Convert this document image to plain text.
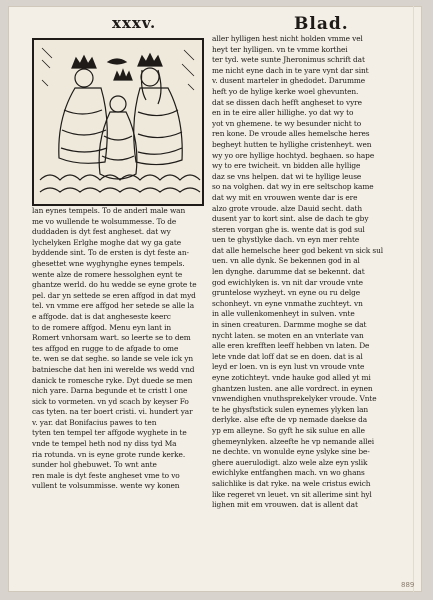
xxxv.	Blad.
lan eynes tempels. To de anderl male wan
me vo wullende te wolsummesse. To de
duddaden is dyt fest angheset. dat wy
lychelyken Erlghe moghe dat wy ga gate
byddende sint. To de ersten is dyt feste an-
ghesettet wne wyghynghe eynes tempels.
wente alze de romere hessolghen eynt te
ghantze werld. do hu wedde se eyne grote te
pel. dar yn settede se eren affgod in dat myd
tel. vn vmme ere affgod her setede se alle la
e affgode. dat is dat angheseste keerc
to de romere affgod. Menu eyn lant in
Romert vnhorsam wart. so leerte se to dem
tes affgod en rugge to de afgade to ome
te. wen se dat seghe. so lande se vele ick yn
batniesche dat hen ini werelde ws wedd vnd
danick te romesche ryke. Dyt duede se men
nich yare. Darna begunde et te cristt l one
sick to vormeten. vn yd scach by keyser Fo
cas tyten. na ter boert cristi. vi. hundert yar
v. yar. dat Bonifacius pawes to ten
tyten ten tempel ter affgode wyghete in te
vnde te tempel heth nod ny diss tyd Ma
ria rotunda. vn is eyne grote runde kerke.
sunder hol ghebuwet. To wnt ante
ren male is dyt feste angheset vme to vo
vullent te volsummisse. wente wy konen
aller hylligen hest nicht holden vmme vel
heyt ter hylligen. vn te vmme korthei
ter tyd. wete sunte Jheronimus schrift dat
me nicht eyne dach in te yare vynt dar sint
v. dusent marteler in ghedodet. Darumme
heft yo de hylige kerke woel ghevunten.
dat se dissen dach hefft angheset to vyre
en in te eire aller hillighe. yo dat wy to
yot vn ghemene. te wy besunder nicht to
ren kone. De vroude alles hemelsche heres
begheyt hutten te hyllighe cristenheyt. wen
wy yo ore hyllige hochtyd. beghaen. so hape
wy to ere twicheit. vn bidden alle hyllige
daz se vns helpen. dat wi te hyllige leuse
so na volghen. dat wy in ere seltschop kame
dat wy mit en vrouwen wente dar is ere
alzo grote vroude. alze Dauid secht. dath
dusent yar to kort sint. alse de dach te gby
steren vorgan ghe is. wente dat is god sul
uen te ghystlyke dach. vn eyn mer rehte
dat alle hemelsche heer god bekent vn sick sul
uen. vn alle dynk. Se bekennen god in al
len dynghe. darumme dat se bekennt. dat
god ewichlyken is. vn nit dar vroude vnte
gruntelose wyzheyt. vn eyne ou ru delge
schonheyt. vn eyne vnmathe zuchteyt. vn
in alle vullenkomenheyt in sulven. vnte
in sinen creaturen. Darmme moghe se dat
nycht laten. se moten en an vnterlate van
alle eren krefften leeff hebben vn laten. De
lete vnde dat loff dat se en doen. dat is al
leyd er loen. vn is eyn lust vn vroude vnte
eyne zotichteyt. vnde hauke god alled yt mi
ghantzen lusten. ane alle vordrect. in eynen
vnwendighen vnuthsprekelyker vroude. Vnte
te he ghysftstick sulen eynemes ylyken lan
derlyke. alse efte de vp nemade daekse da
yp em alleyne. So gyft he sik sulue en alle
ghemeynlyken. alzeefte he vp nemande allei
ne dechte. vn wonulde eyne yslyke sine be-
ghere auerulodigt. alzo wele alze eyn yslik
ewichlyke entfanghen mach. vn wo ghans
salichlike is dat ryke. na wele cristus ewich
like regeret vn leuet. vn sit allerime sint hyl
lighen mit em vrouwen. dat is allent dat
889
